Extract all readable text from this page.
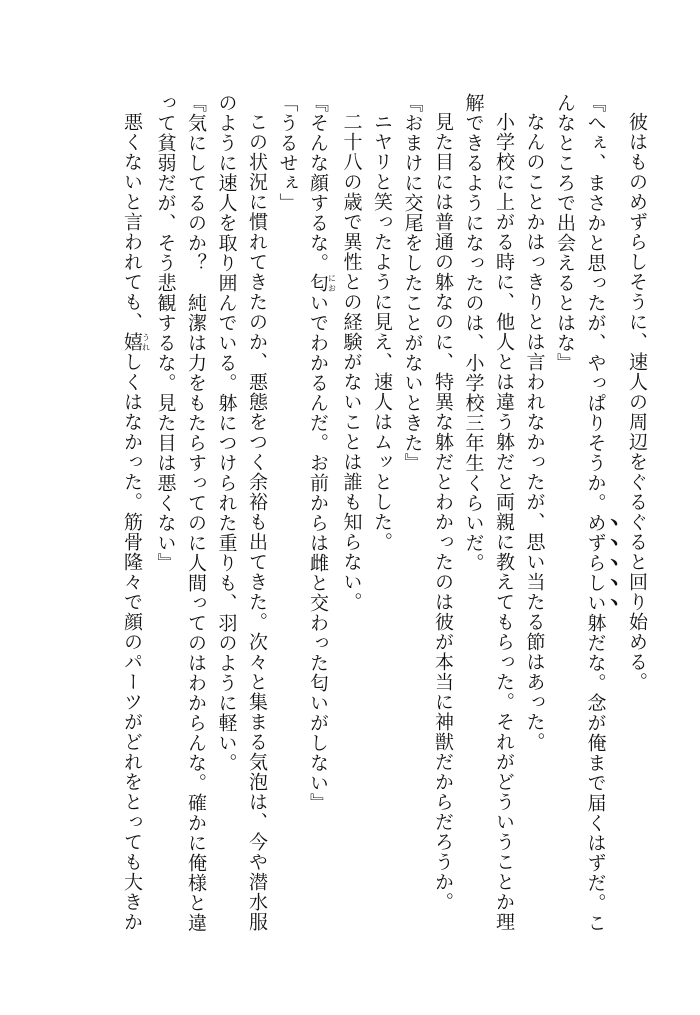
彼はものめずらしそうに、速人の周辺をぐるぐると回り始める。
『へぇ、まさかと思ったが、やっぱりそうか。めずらしい躰だな。念が俺まで届くはずだ。こ
んなところで出会えるとはな』
なんのことかはっきりとは言われなかったが、思い当たる節はあった。
小学校に上がる時に、他人とは違う躰だと両親に教えてもらった。それがどういうことか理
解できるようになったのは、小学校三年生くらいだ。
見た目には普通の躰なのに、特異な躰だとわかったのは彼が本当に神獣だからだろうか。
『おまけに交尾をしたことがないときた』
ニヤリと笑ったように見え、速人はムッとした。
二十八の歳で異性との経験がないことは誰も知らない。
『そんな顔するな。匂においでわかるんだ。お前からは雌と交わった匂いがしない』
「うるせぇ」
この状況に慣れてきたのか、悪態をつく余裕も出てきた。次々と集まる気泡は、今や潜水服
のように速人を取り囲んでいる。躰につけられた重りも、羽のように軽い。
『気にしてるのか？　純潔は力をもたらすってのに人間ってのはわからんな。確かに俺様と違
って貧弱だが、そう悲観するな。見た目は悪くない』
悪くないと言われても、嬉うれしくはなかった。筋骨隆々で顔のパーツがどれをとっても大きか
